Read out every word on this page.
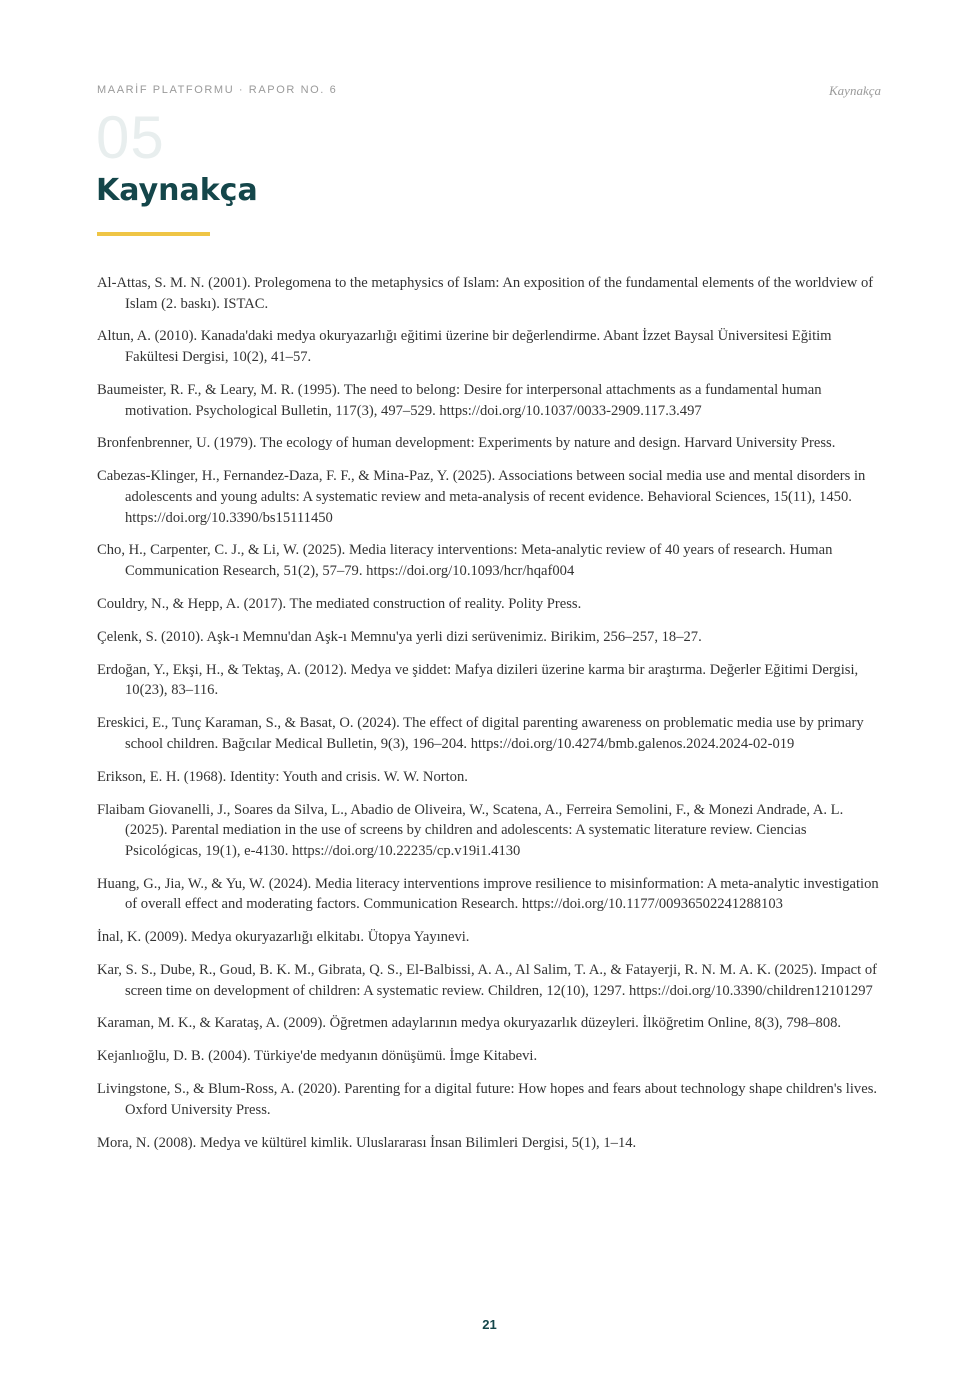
MAARİF PLATFORMU · RAPOR NO. 6	Kaynakça
05
Kaynakça

Al-Attas, S. M. N. (2001). Prolegomena to the metaphysics of Islam: An exposition of the fundamental elements of the worldview of Islam (2. baskı). ISTAC.

Altun, A. (2010). Kanada'daki medya okuryazarlığı eğitimi üzerine bir değerlendirme. Abant İzzet Baysal Üniversitesi Eğitim Fakültesi Dergisi, 10(2), 41–57.

Baumeister, R. F., & Leary, M. R. (1995). The need to belong: Desire for interpersonal attachments as a fundamental human motivation. Psychological Bulletin, 117(3), 497–529. https://doi.org/10.1037/0033-2909.117.3.497

Bronfenbrenner, U. (1979). The ecology of human development: Experiments by nature and design. Harvard University Press.

Cabezas-Klinger, H., Fernandez-Daza, F. F., & Mina-Paz, Y. (2025). Associations between social media use and mental disorders in adolescents and young adults: A systematic review and meta-analysis of recent evidence. Behavioral Sciences, 15(11), 1450. https://doi.org/10.3390/bs15111450

Cho, H., Carpenter, C. J., & Li, W. (2025). Media literacy interventions: Meta-analytic review of 40 years of research. Human Communication Research, 51(2), 57–79. https://doi.org/10.1093/hcr/hqaf004

Couldry, N., & Hepp, A. (2017). The mediated construction of reality. Polity Press.

Çelenk, S. (2010). Aşk-ı Memnu'dan Aşk-ı Memnu'ya yerli dizi serüvenimiz. Birikim, 256–257, 18–27.

Erdoğan, Y., Ekşi, H., & Tektaş, A. (2012). Medya ve şiddet: Mafya dizileri üzerine karma bir araştırma. Değerler Eğitimi Dergisi, 10(23), 83–116.

Ereskici, E., Tunç Karaman, S., & Basat, O. (2024). The effect of digital parenting awareness on problematic media use by primary school children. Bağcılar Medical Bulletin, 9(3), 196–204. https://doi.org/10.4274/bmb.galenos.2024.2024-02-019

Erikson, E. H. (1968). Identity: Youth and crisis. W. W. Norton.

Flaibam Giovanelli, J., Soares da Silva, L., Abadio de Oliveira, W., Scatena, A., Ferreira Semolini, F., & Monezi Andrade, A. L. (2025). Parental mediation in the use of screens by children and adolescents: A systematic literature review. Ciencias Psicológicas, 19(1), e-4130. https://doi.org/10.22235/cp.v19i1.4130

Huang, G., Jia, W., & Yu, W. (2024). Media literacy interventions improve resilience to misinformation: A meta-analytic investigation of overall effect and moderating factors. Communication Research. https://doi.org/10.1177/00936502241288103

İnal, K. (2009). Medya okuryazarlığı elkitabı. Ütopya Yayınevi.

Kar, S. S., Dube, R., Goud, B. K. M., Gibrata, Q. S., El-Balbissi, A. A., Al Salim, T. A., & Fatayerji, R. N. M. A. K. (2025). Impact of screen time on development of children: A systematic review. Children, 12(10), 1297. https://doi.org/10.3390/children12101297

Karaman, M. K., & Karataş, A. (2009). Öğretmen adaylarının medya okuryazarlık düzeyleri. İlköğretim Online, 8(3), 798–808.

Kejanlıoğlu, D. B. (2004). Türkiye'de medyanın dönüşümü. İmge Kitabevi.

Livingstone, S., & Blum-Ross, A. (2020). Parenting for a digital future: How hopes and fears about technology shape children's lives. Oxford University Press.

Mora, N. (2008). Medya ve kültürel kimlik. Uluslararası İnsan Bilimleri Dergisi, 5(1), 1–14.

21
